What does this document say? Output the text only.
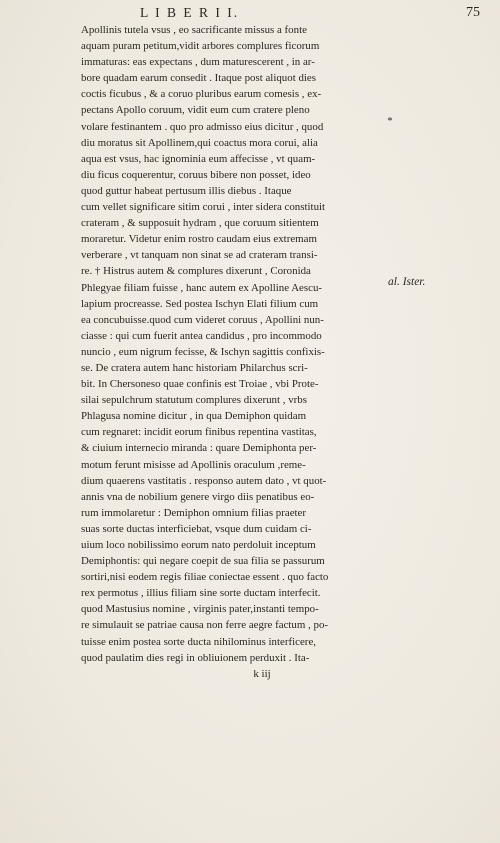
L I B E R I I.	75
Apollinis tutela vsus , eo sacrificante missus a fonte
aquam puram petitum,vidit arbores complures ficorum
immaturas: eas expectans , dum maturescerent , in ar-
bore quadam earum consedit . Itaque post aliquot dies
coctis ficubus , & a coruo pluribus earum comesis , ex-
pectans Apollo coruum, vidit eum cum cratere pleno
volare festinantem . quo pro admisso eius dicitur , quod
diu moratus sit Apollinem,qui coactus mora corui, alia
aqua est vsus, hac ignominia eum affecisse , vt quam-
diu ficus coquerentur, coruus bibere non posset, ideo
quod guttur habeat pertusum illis diebus . Itaque
cum vellet significare sitim corui , inter sidera constituit
crateram , & supposuit hydram , que coruum sitientem
moraretur. Videtur enim rostro caudam eius extremam
verberare , vt tanquam non sinat se ad crateram transi-
re. † Histrus autem & complures dixerunt , Coronida
Phlegyae filiam fuisse , hanc autem ex Apolline Aescu-
lapium procreasse. Sed postea Ischyn Elati filium cum
ea concubuisse.quod cum videret coruus , Apollini nun-
ciasse : qui cum fuerit antea candidus , pro incommodo
nuncio , eum nigrum fecisse, & Ischyn sagittis confixis-
se. De cratera autem hanc historiam Philarchus scri-
bit. In Chersoneso quae confinis est Troiae , vbi Prote-
silai sepulchrum statutum complures dixerunt , vrbs
Phlagusa nomine dicitur , in qua Demiphon quidam
cum regnaret: incidit eorum finibus repentina vastitas,
& ciuium internecio miranda : quare Demiphonta per-
motum ferunt misisse ad Apollinis oraculum ,reme-
dium quaerens vastitatis . responso autem dato , vt quot-
annis vna de nobilium genere virgo diis penatibus eo-
rum immolaretur : Demiphon omnium filias praeter
suas sorte ductas interficiebat, vsque dum cuidam ci-
uium loco nobilissimo eorum nato perdoluit inceptum
Demiphontis: qui negare coepit de sua filia se passurum
sortiri,nisi eodem regis filiae coniectae essent . quo facto
rex permotus , illius filiam sine sorte ductam interfecit.
quod Mastusius nomine , virginis pater,instanti tempo-
re simulauit se patriae causa non ferre aegre factum , po-
tuisse enim postea sorte ducta nihilominus interficere,
quod paulatim dies regi in obliuionem perduxit . Ita-
k iij
*
al. Ister.
